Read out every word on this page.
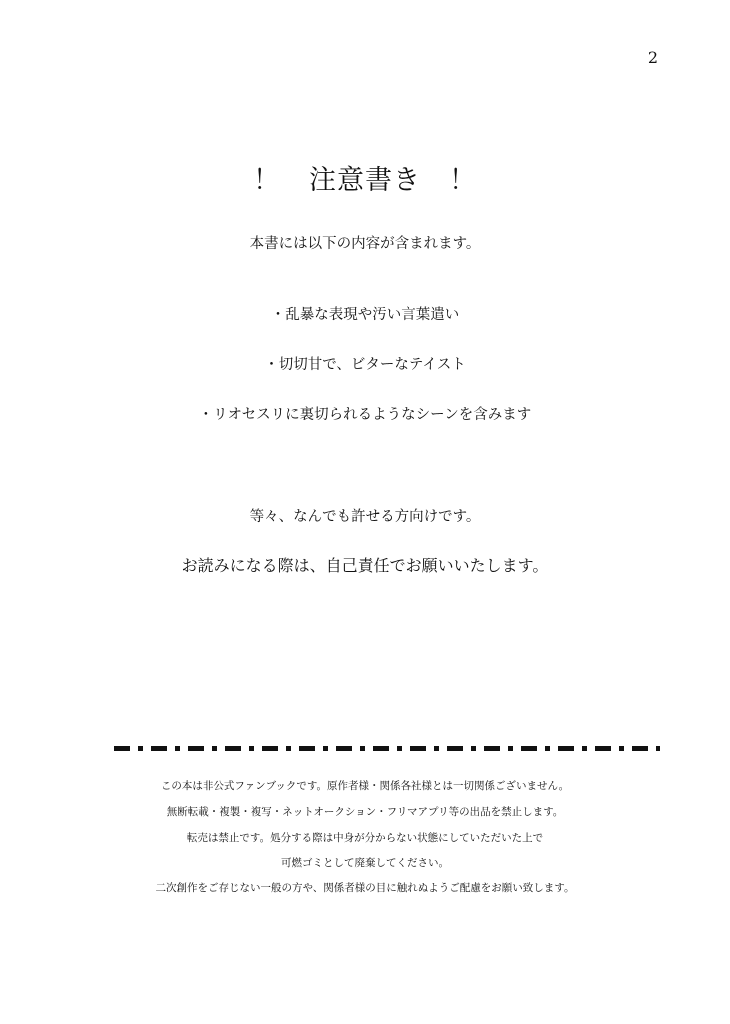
2
！　注意書き　！
本書には以下の内容が含まれます。
・乱暴な表現や汚い言葉遣い
・切切甘で、ビターなテイスト
・リオセスリに裏切られるようなシーンを含みます
等々、なんでも許せる方向けです。
お読みになる際は、自己責任でお願いいたします。
この本は非公式ファンブックです。原作者様・関係各社様とは一切関係ございません。
無断転載・複製・複写・ネットオークション・フリマアプリ等の出品を禁止します。
転売は禁止です。処分する際は中身が分からない状態にしていただいた上で
可燃ゴミとして廃棄してください。
二次創作をご存じない一般の方や、関係者様の目に触れぬようご配慮をお願い致します。
